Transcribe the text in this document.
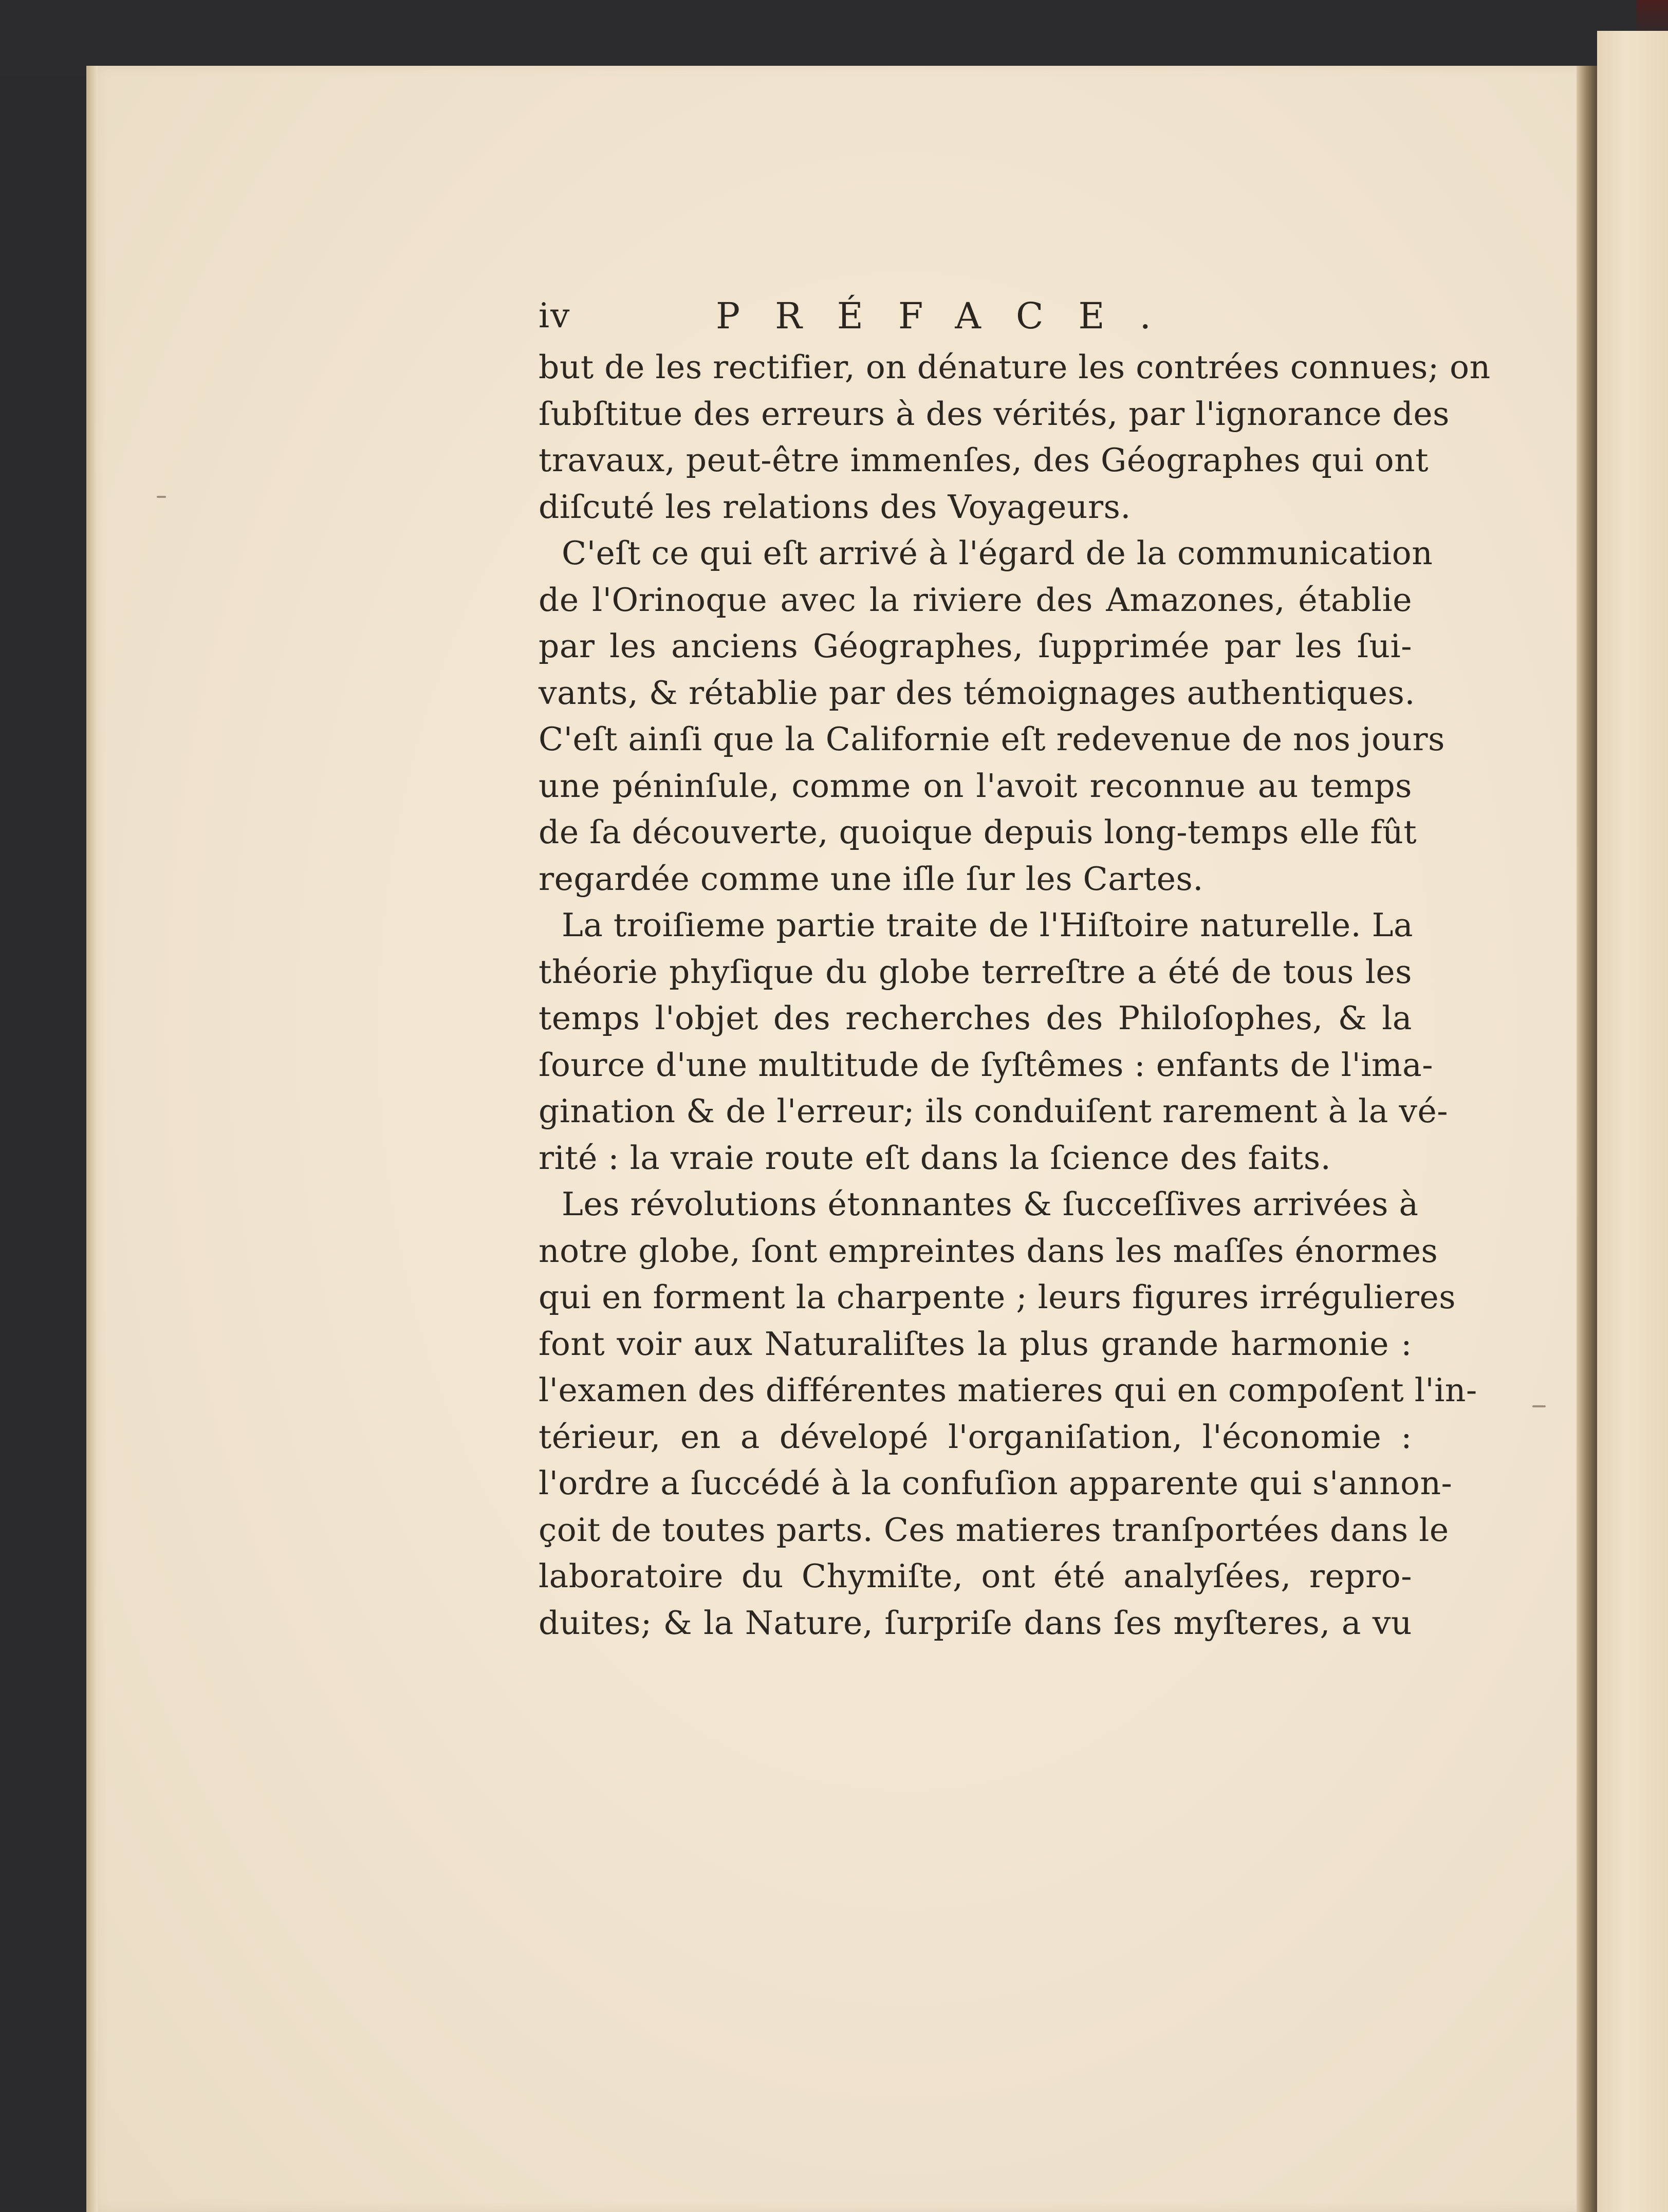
iv	PRÉFACE.
but de les rectifier, on dénature les contrées connues; on
ſubſtitue des erreurs à des vérités, par l'ignorance des
travaux, peut-être immenſes, des Géographes qui ont
diſcuté les relations des Voyageurs.
C'eſt ce qui eſt arrivé à l'égard de la communication
de l'Orinoque avec la riviere des Amazones, établie
par les anciens Géographes, ſupprimée par les ſui-
vants, & rétablie par des témoignages authentiques.
C'eſt ainſi que la Californie eſt redevenue de nos jours
une péninſule, comme on l'avoit reconnue au temps
de ſa découverte, quoique depuis long-temps elle fût
regardée comme une iſle ſur les Cartes.
La troiſieme partie traite de l'Hiſtoire naturelle. La
théorie phyſique du globe terreſtre a été de tous les
temps l'objet des recherches des Philoſophes, & la
ſource d'une multitude de ſyſtêmes : enfants de l'ima-
gination & de l'erreur; ils conduiſent rarement à la vé-
rité : la vraie route eſt dans la ſcience des faits.
Les révolutions étonnantes & ſucceſſives arrivées à
notre globe, ſont empreintes dans les maſſes énormes
qui en forment la charpente ; leurs figures irrégulieres
font voir aux Naturaliſtes la plus grande harmonie :
l'examen des différentes matieres qui en compoſent l'in-
térieur, en a dévelopé l'organiſation, l'économie :
l'ordre a ſuccédé à la confuſion apparente qui s'annon-
çoit de toutes parts. Ces matieres tranſportées dans le
laboratoire du Chymiſte, ont été analyſées, repro-
duites; & la Nature, ſurpriſe dans ſes myſteres, a vu
